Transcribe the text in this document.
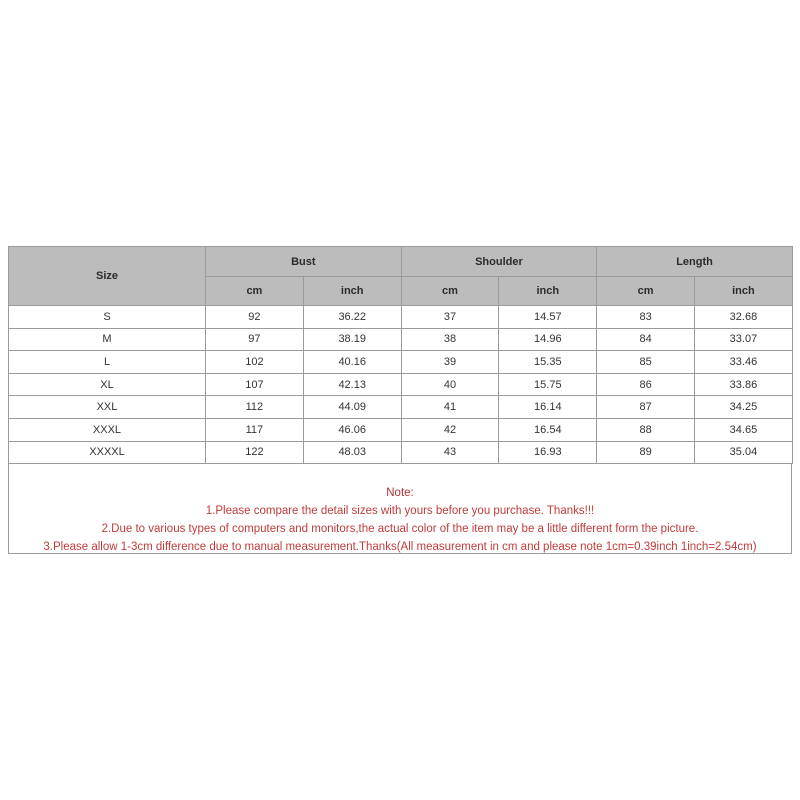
Size	Bust		Shoulder		Length	
	cm	inch	cm	inch	cm	inch
S	92	36.22	37	14.57	83	32.68
M	97	38.19	38	14.96	84	33.07
L	102	40.16	39	15.35	85	33.46
XL	107	42.13	40	15.75	86	33.86
XXL	112	44.09	41	16.14	87	34.25
XXXL	117	46.06	42	16.54	88	34.65
XXXXL	122	48.03	43	16.93	89	35.04
Note:
1.Please compare the detail sizes with yours before you purchase. Thanks!!!
2.Due to various types of computers and monitors,the actual color of the item may be a little different form the picture.
3.Please allow 1-3cm difference due to manual measurement.Thanks(All measurement in cm and please note 1cm=0.39inch 1inch=2.54cm)
